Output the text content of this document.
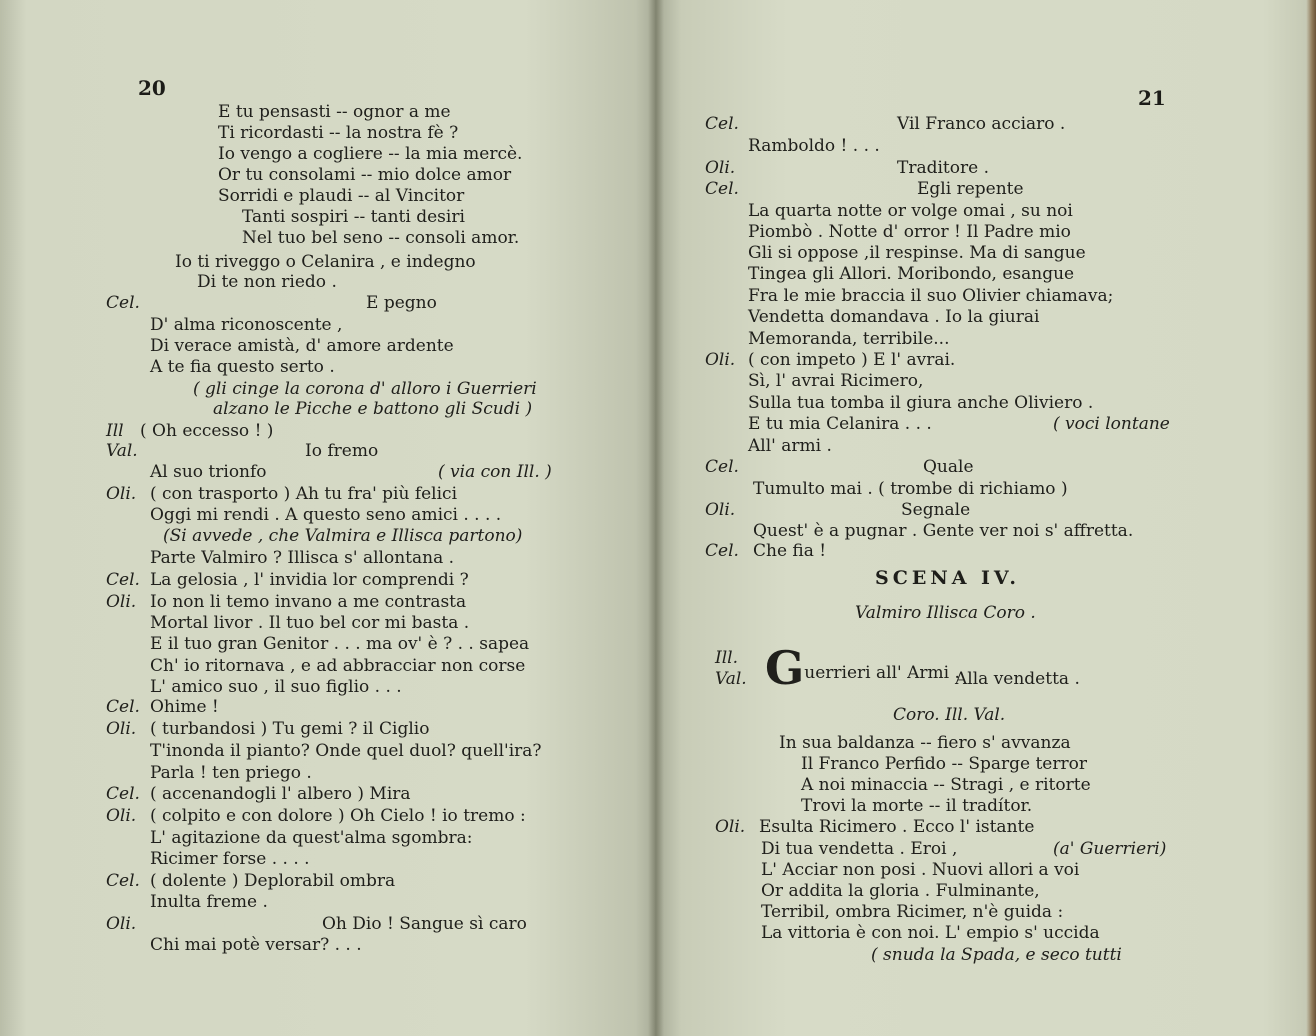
20
E tu pensasti -- ognor a me
Ti ricordasti -- la nostra fè ?
Io vengo a cogliere -- la mia mercè.
Or tu consolami -- mio dolce amor
Sorridi e plaudi -- al Vincitor
Tanti sospiri -- tanti desiri
Nel tuo bel seno -- consoli amor.
Io ti riveggo o Celanira , e indegno
Di te non riedo .
Cel.	E pegno
D' alma riconoscente ,
Di verace amistà, d' amore ardente
A te fia questo serto .
( gli cinge la corona d' alloro i Guerrieri
alzano le Picche e battono gli Scudi )
Ill ( Oh eccesso ! )
Val.	Io fremo
Al suo trionfo	( via con Ill. )
Oli. ( con trasporto ) Ah tu fra' più felici
Oggi mi rendi . A questo seno amici . . . .
(Si avvede , che Valmira e Illisca partono)
Parte Valmiro ? Illisca s' allontana .
Cel. La gelosia , l' invidia lor comprendi ?
Oli. Io non li temo invano a me contrasta
Mortal livor . Il tuo bel cor mi basta .
E il tuo gran Genitor . . . ma ov' è ? . . sapea
Ch' io ritornava , e ad abbracciar non corse
L' amico suo , il suo figlio . . .
Cel. Ohime !
Oli. ( turbandosi ) Tu gemi ? il Ciglio
T'inonda il pianto? Onde quel duol? quell'ira?
Parla ! ten priego .
Cel. ( accenandogli l' albero ) Mira
Oli. ( colpito e con dolore ) Oh Cielo ! io tremo :
L' agitazione da quest'alma sgombra:
Ricimer forse . . . .
Cel. ( dolente ) Deplorabil ombra
Inulta freme .
Oli.	Oh Dio ! Sangue sì caro
Chi mai potè versar? . . .
21
SCENA IV.
Valmiro Illisca Coro .
Cel.	Vil Franco acciaro .
Ramboldo ! . . .
Oli.	Traditore .
Cel.	Egli repente
La quarta notte or volge omai , su noi
Piombò . Notte d' orror ! Il Padre mio
Gli si oppose ,il respinse. Ma di sangue
Tingea gli Allori. Moribondo, esangue
Fra le mie braccia il suo Olivier chiamava;
Vendetta domandava . Io la giurai
Memoranda, terribile...
Oli. ( con impeto ) E l' avrai.
Sì, l' avrai Ricimero,
Sulla tua tomba il giura anche Oliviero .
E tu mia Celanira . . .	( voci lontane
All' armi .
Cel.	Quale
Tumulto mai . ( trombe di richiamo )
Oli.	Segnale
Quest' è a pugnar . Gente ver noi s' affretta.
Cel. Che fia !
Ill. Guerrieri all' Armi .
Val.	Alla vendetta .
Coro. Ill. Val.
In sua baldanza -- fiero s' avvanza
Il Franco Perfido -- Sparge terror
A noi minaccia -- Stragi , e ritorte
Trovi la morte -- il tradítor.
Oli. Esulta Ricimero . Ecco l' istante
Di tua vendetta . Eroi ,	(a' Guerrieri)
L' Acciar non posi . Nuovi allori a voi
Or addita la gloria . Fulminante,
Terribil, ombra Ricimer, n'è guida :
La vittoria è con noi. L' empio s' uccida
( snuda la Spada, e seco tutti
